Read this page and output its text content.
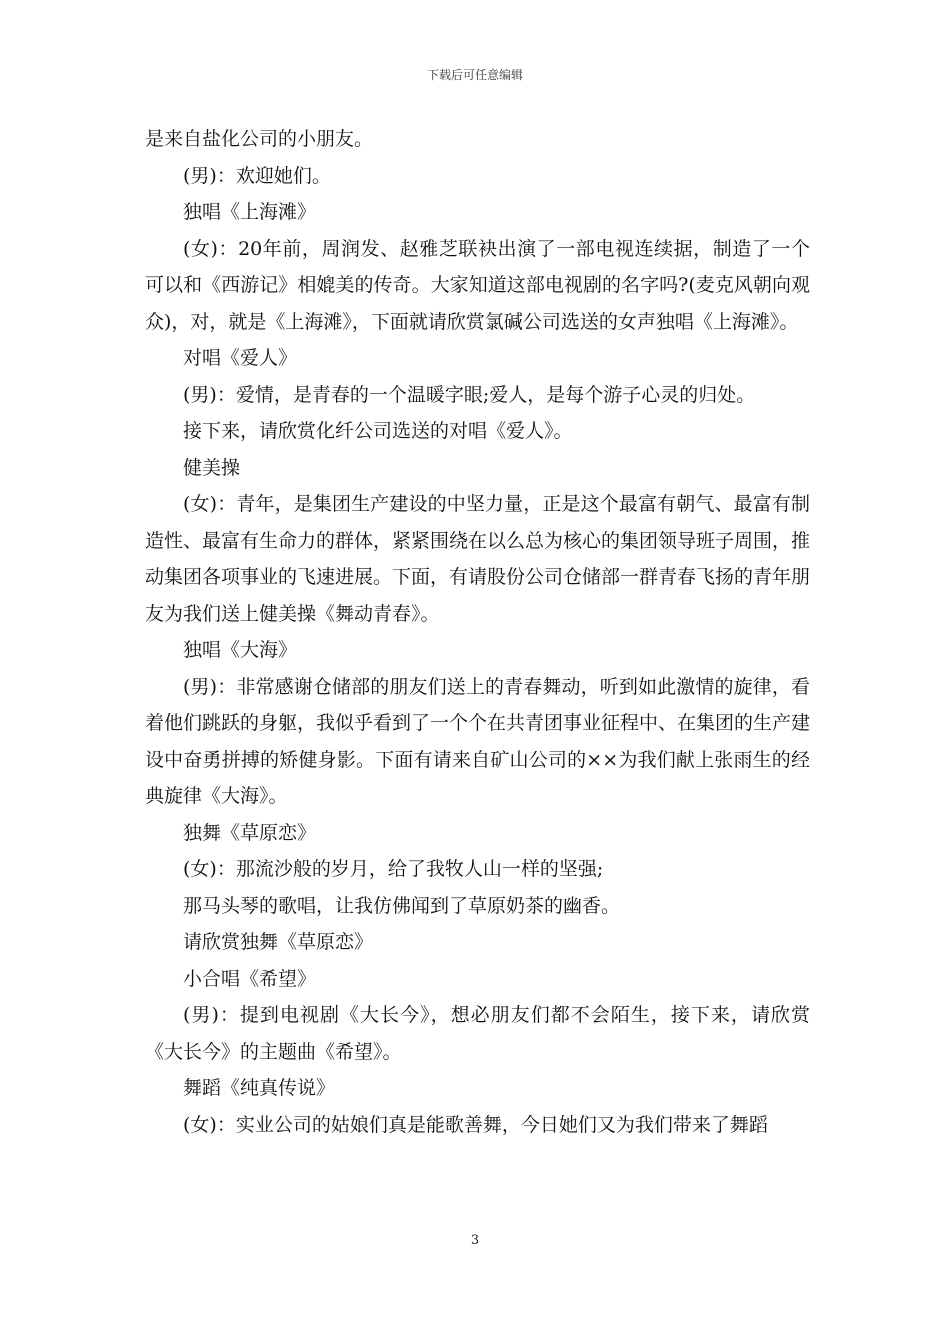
下载后可任意编辑

是来自盐化公司的小朋友。

(男)：欢迎她们。

独唱《上海滩》

(女)：20年前，周润发、赵雅芝联袂出演了一部电视连续据，制造了一个可以和《西游记》相媲美的传奇。大家知道这部电视剧的名字吗?(麦克风朝向观众)，对，就是《上海滩》，下面就请欣赏氯碱公司选送的女声独唱《上海滩》。

对唱《爱人》

(男)：爱情，是青春的一个温暖字眼;爱人，是每个游子心灵的归处。

接下来，请欣赏化纤公司选送的对唱《爱人》。

健美操

(女)：青年，是集团生产建设的中坚力量，正是这个最富有朝气、最富有制造性、最富有生命力的群体，紧紧围绕在以么总为核心的集团领导班子周围，推动集团各项事业的飞速进展。下面，有请股份公司仓储部一群青春飞扬的青年朋友为我们送上健美操《舞动青春》。

独唱《大海》

(男)：非常感谢仓储部的朋友们送上的青春舞动，听到如此激情的旋律，看着他们跳跃的身躯，我似乎看到了一个个在共青团事业征程中、在集团的生产建设中奋勇拼搏的矫健身影。下面有请来自矿山公司的××为我们献上张雨生的经典旋律《大海》。

独舞《草原恋》

(女)：那流沙般的岁月，给了我牧人山一样的坚强;

那马头琴的歌唱，让我仿佛闻到了草原奶茶的幽香。

请欣赏独舞《草原恋》

小合唱《希望》

(男)：提到电视剧《大长今》，想必朋友们都不会陌生，接下来，请欣赏《大长今》的主题曲《希望》。

舞蹈《纯真传说》

(女)：实业公司的姑娘们真是能歌善舞，今日她们又为我们带来了舞蹈

3
